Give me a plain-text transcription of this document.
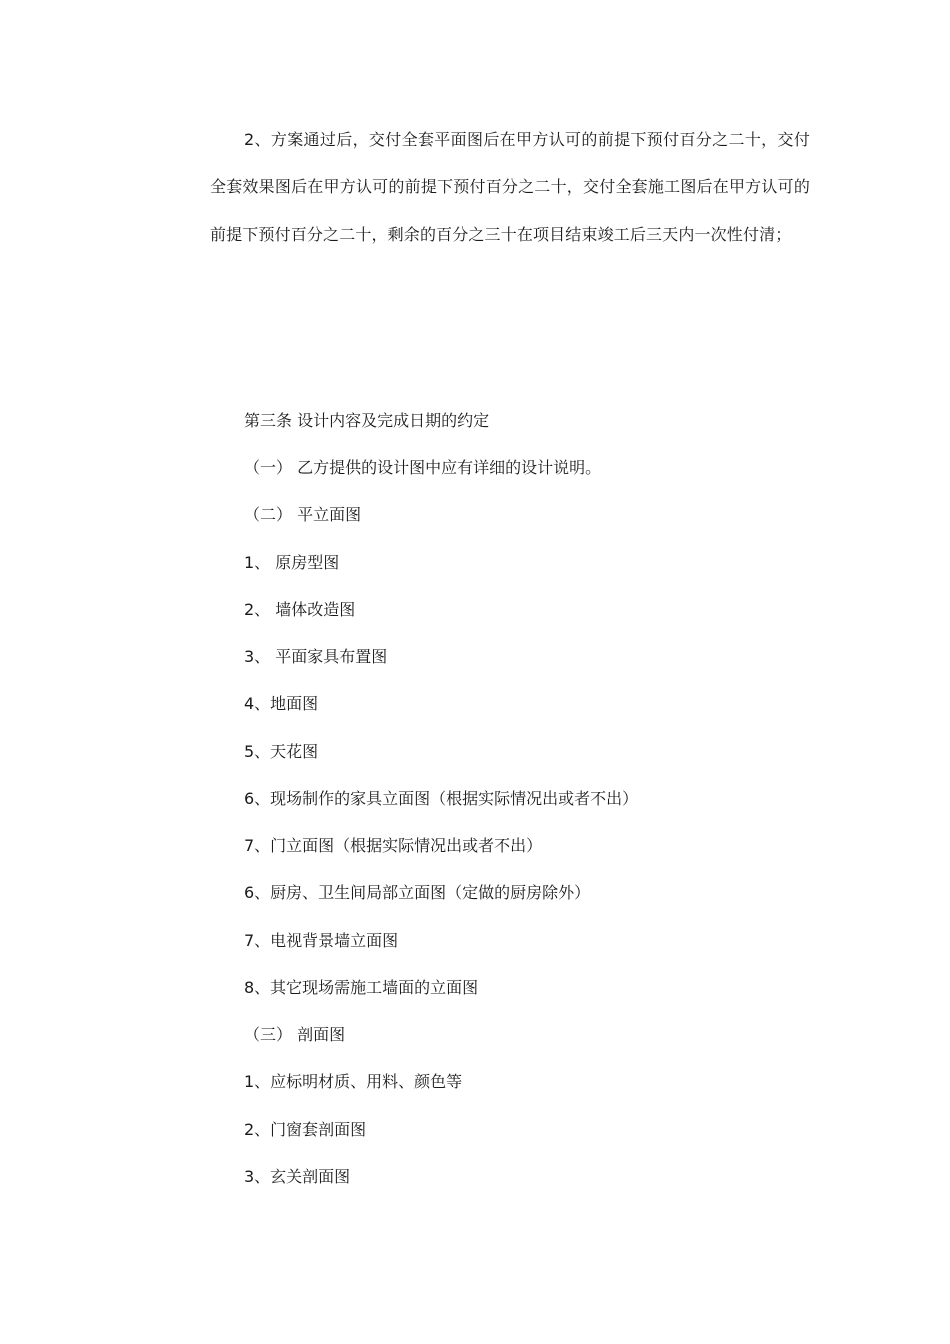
2、方案通过后，交付全套平面图后在甲方认可的前提下预付百分之二十，交付全套效果图后在甲方认可的前提下预付百分之二十，交付全套施工图后在甲方认可的前提下预付百分之二十，剩余的百分之三十在项目结束竣工后三天内一次性付清；
第三条 设计内容及完成日期的约定
（一） 乙方提供的设计图中应有详细的设计说明。
（二） 平立面图
1、 原房型图
2、 墙体改造图
3、 平面家具布置图
4、地面图
5、天花图
6、现场制作的家具立面图（根据实际情况出或者不出）
7、门立面图（根据实际情况出或者不出）
6、厨房、卫生间局部立面图（定做的厨房除外）
7、电视背景墙立面图
8、其它现场需施工墙面的立面图
（三） 剖面图
1、应标明材质、用料、颜色等
2、门窗套剖面图
3、玄关剖面图
